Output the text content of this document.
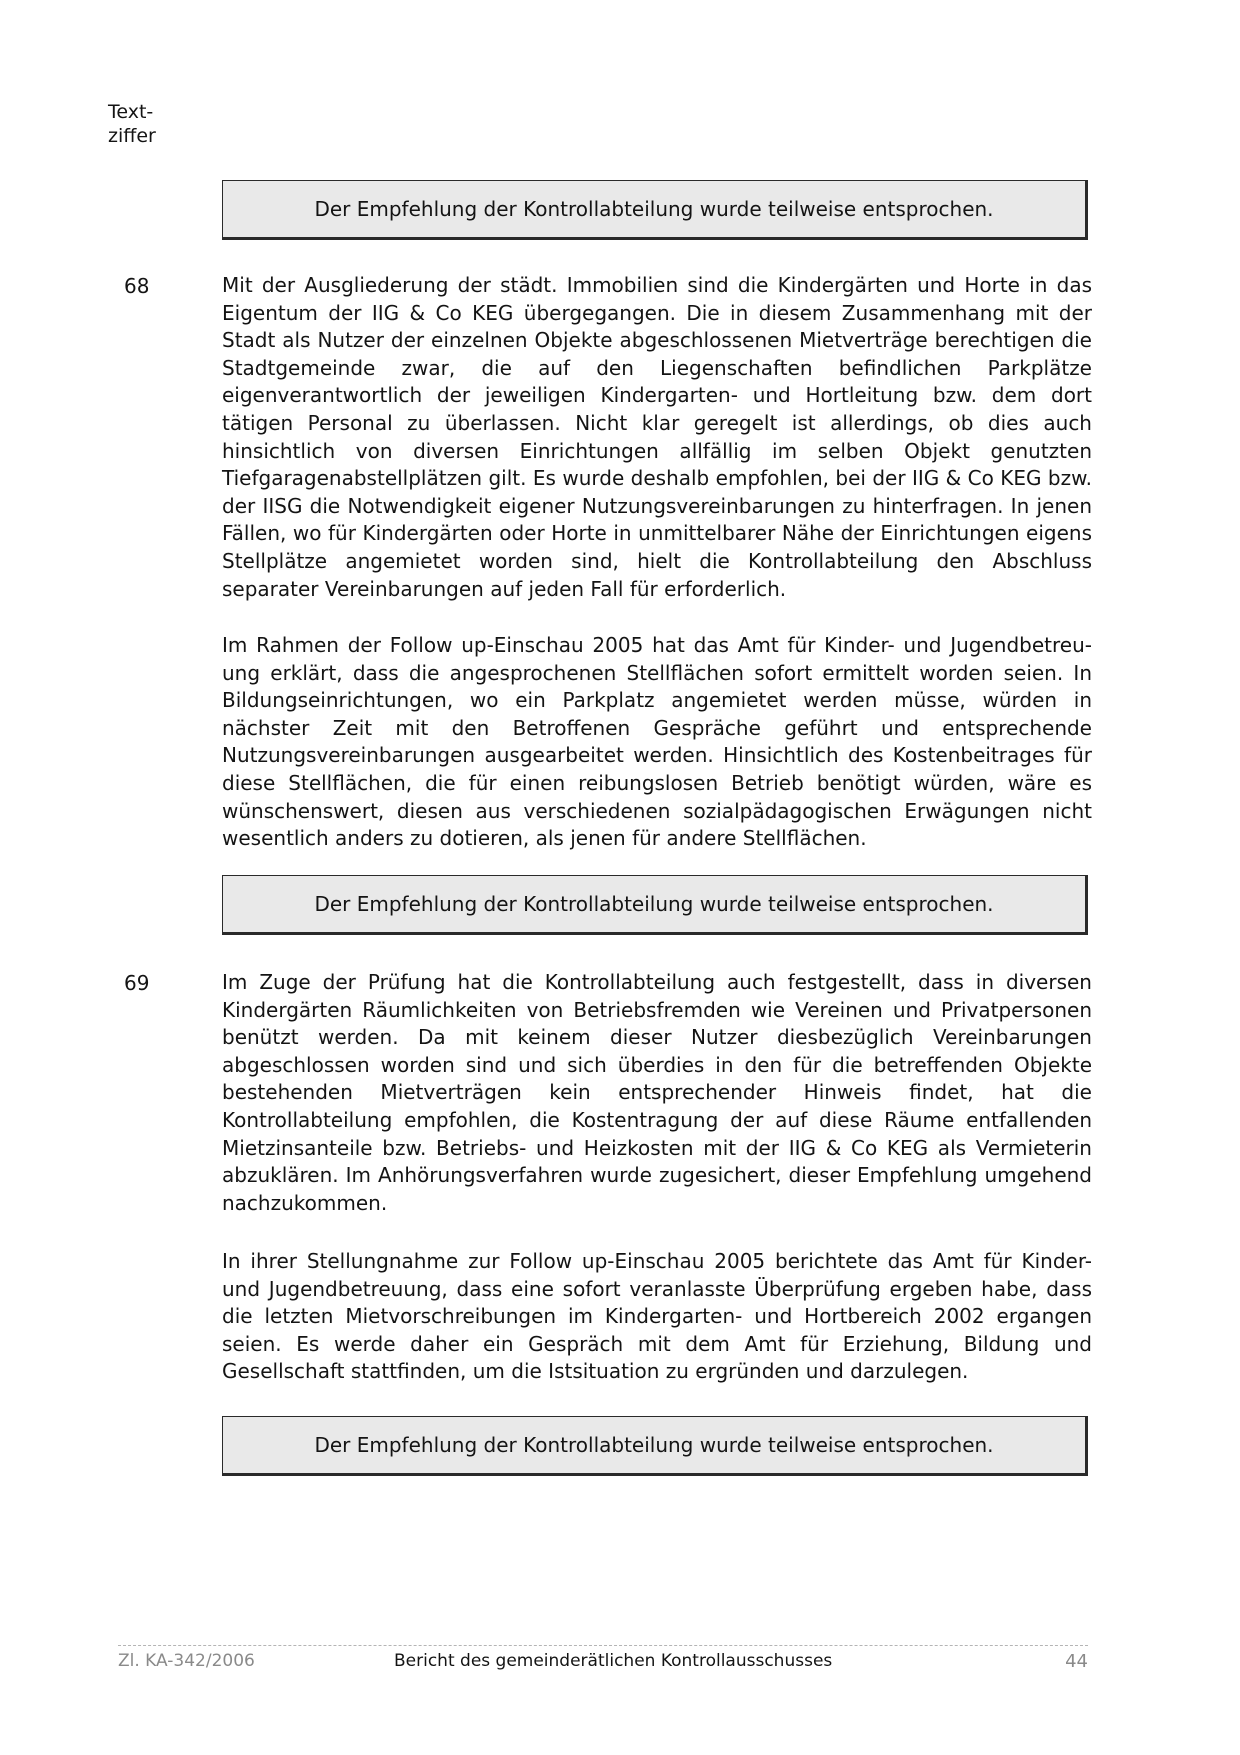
Text-
ziffer
Der Empfehlung der Kontrollabteilung wurde teilweise entsprochen.
68	Mit der Ausgliederung der städt. Immobilien sind die Kindergärten und Horte in das Eigentum der IIG & Co KEG übergegangen. Die in diesem Zusammenhang mit der Stadt als Nutzer der einzelnen Objekte abgeschlossenen Mietverträge berechtigen die Stadtgemeinde zwar, die auf den Liegenschaften befindlichen Parkplätze eigenverantwortlich der jeweiligen Kindergarten- und Hortleitung bzw. dem dort tätigen Personal zu überlassen. Nicht klar geregelt ist allerdings, ob dies auch hinsichtlich von diversen Einrichtungen allfällig im selben Objekt genutzten Tiefgaragenabstellplätzen gilt. Es wurde deshalb empfohlen, bei der IIG & Co KEG bzw. der IISG die Notwendigkeit eigener Nutzungsvereinbarungen zu hinterfragen. In jenen Fällen, wo für Kindergärten oder Horte in unmittelbarer Nähe der Einrichtungen eigens Stellplätze angemietet worden sind, hielt die Kontrollabteilung den Abschluss separater Vereinbarungen auf jeden Fall für erforderlich.
Im Rahmen der Follow up-Einschau 2005 hat das Amt für Kinder- und Jugendbetreu-ung erklärt, dass die angesprochenen Stellflächen sofort ermittelt worden seien. In Bildungseinrichtungen, wo ein Parkplatz angemietet werden müsse, würden in nächster Zeit mit den Betroffenen Gespräche geführt und entsprechende Nutzungsvereinbarungen ausgearbeitet werden. Hinsichtlich des Kostenbeitrages für diese Stellflächen, die für einen reibungslosen Betrieb benötigt würden, wäre es wünschenswert, diesen aus verschiedenen sozialpädagogischen Erwägungen nicht wesentlich anders zu dotieren, als jenen für andere Stellflächen.
Der Empfehlung der Kontrollabteilung wurde teilweise entsprochen.
69	Im Zuge der Prüfung hat die Kontrollabteilung auch festgestellt, dass in diversen Kindergärten Räumlichkeiten von Betriebsfremden wie Vereinen und Privatpersonen benützt werden. Da mit keinem dieser Nutzer diesbezüglich Vereinbarungen abgeschlossen worden sind und sich überdies in den für die betreffenden Objekte bestehenden Mietverträgen kein entsprechender Hinweis findet, hat die Kontrollabteilung empfohlen, die Kostentragung der auf diese Räume entfallenden Mietzinsanteile bzw. Betriebs- und Heizkosten mit der IIG & Co KEG als Vermieterin abzuklären. Im Anhörungsverfahren wurde zugesichert, dieser Empfehlung umgehend nachzukommen.
In ihrer Stellungnahme zur Follow up-Einschau 2005 berichtete das Amt für Kinder- und Jugendbetreuung, dass eine sofort veranlasste Überprüfung ergeben habe, dass die letzten Mietvorschreibungen im Kindergarten- und Hortbereich 2002 ergangen seien. Es werde daher ein Gespräch mit dem Amt für Erziehung, Bildung und Gesellschaft stattfinden, um die Istsituation zu ergründen und darzulegen.
Der Empfehlung der Kontrollabteilung wurde teilweise entsprochen.
Zl. KA-342/2006	Bericht des gemeinderätlichen Kontrollausschusses	44
